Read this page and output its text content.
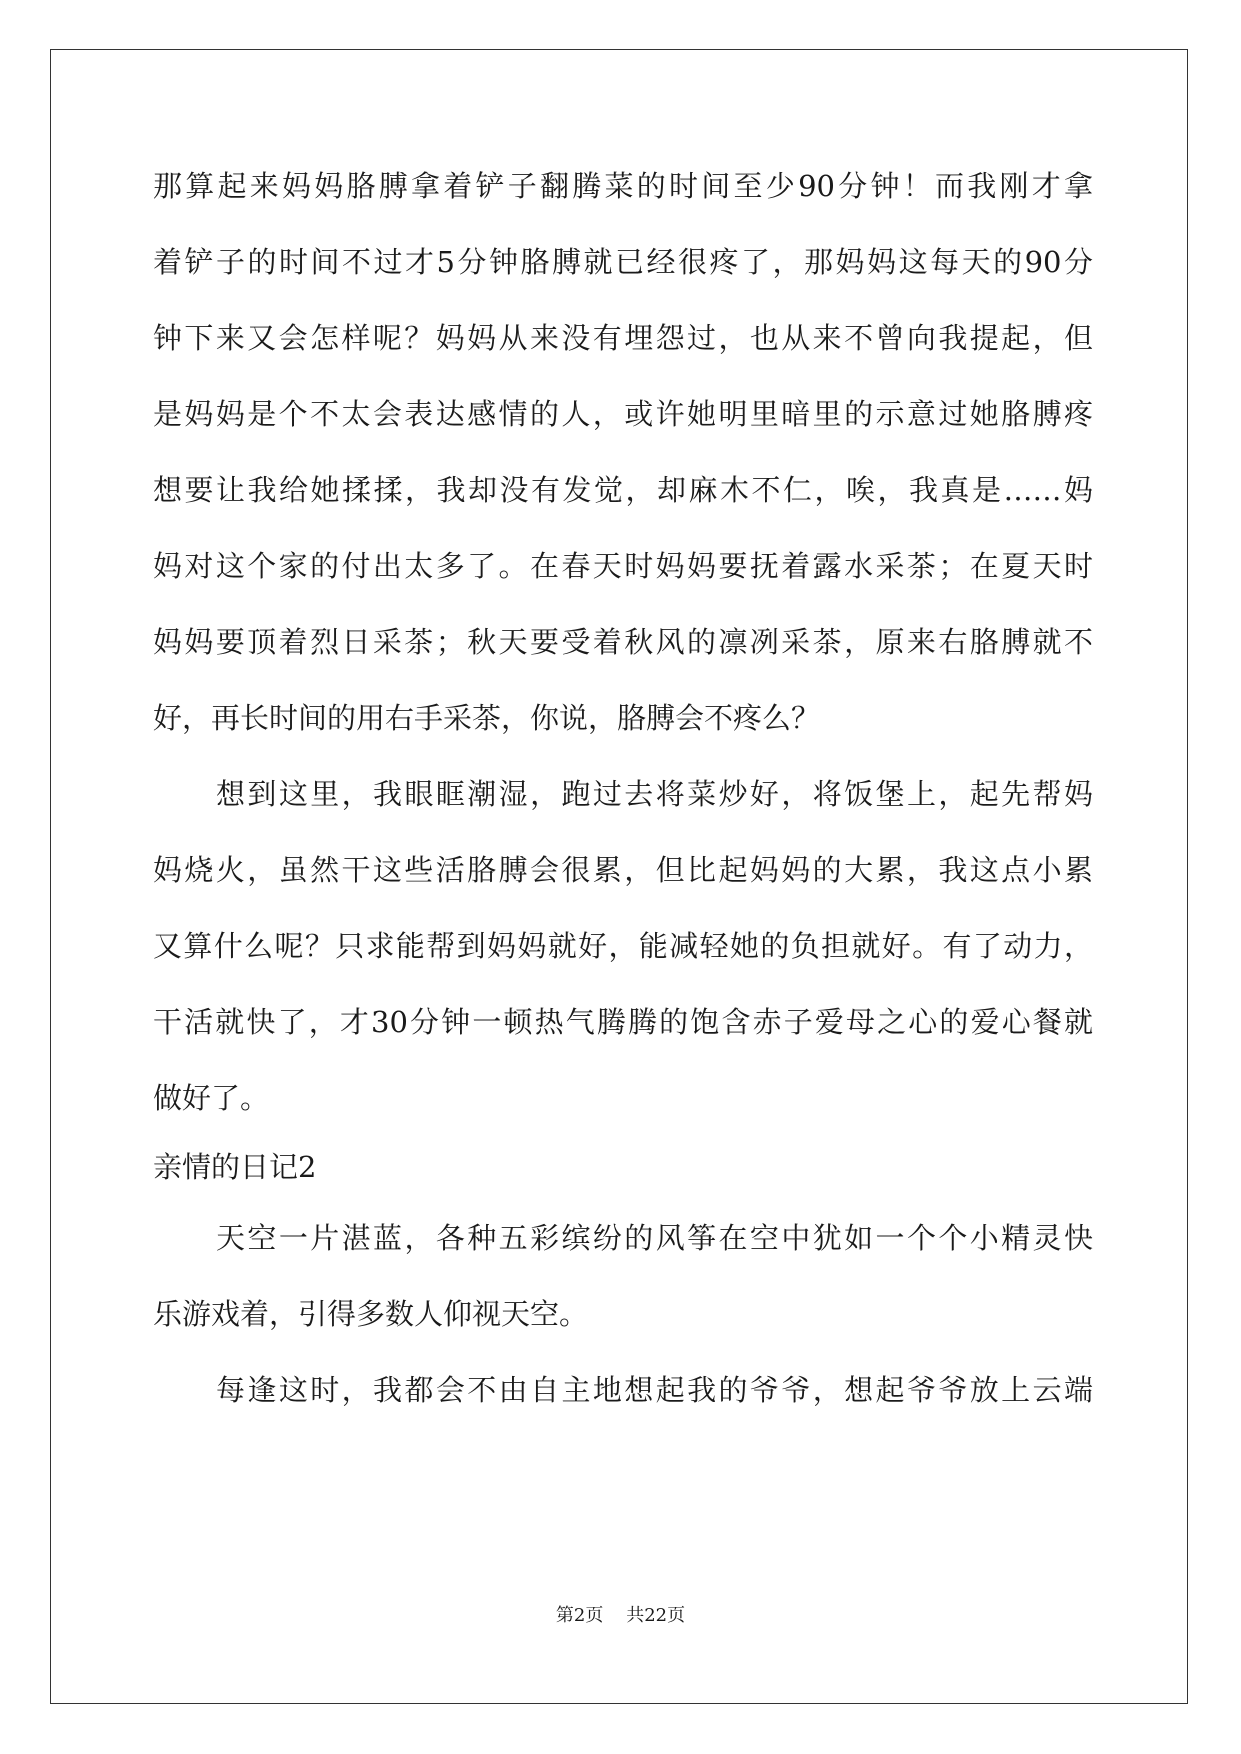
那算起来妈妈胳膊拿着铲子翻腾菜的时间至少90分钟！而我刚才拿
着铲子的时间不过才5分钟胳膊就已经很疼了，那妈妈这每天的90分
钟下来又会怎样呢？妈妈从来没有埋怨过，也从来不曾向我提起，但
是妈妈是个不太会表达感情的人，或许她明里暗里的示意过她胳膊疼
想要让我给她揉揉，我却没有发觉，却麻木不仁，唉，我真是……妈
妈对这个家的付出太多了。在春天时妈妈要抚着露水采茶；在夏天时
妈妈要顶着烈日采茶；秋天要受着秋风的凛冽采茶，原来右胳膊就不
好，再长时间的用右手采茶，你说，胳膊会不疼么？
想到这里，我眼眶潮湿，跑过去将菜炒好，将饭堡上，起先帮妈
妈烧火，虽然干这些活胳膊会很累，但比起妈妈的大累，我这点小累
又算什么呢？只求能帮到妈妈就好，能减轻她的负担就好。有了动力，
干活就快了，才30分钟一顿热气腾腾的饱含赤子爱母之心的爱心餐就
做好了。
亲情的日记2
天空一片湛蓝，各种五彩缤纷的风筝在空中犹如一个个小精灵快
乐游戏着，引得多数人仰视天空。
每逢这时，我都会不由自主地想起我的爷爷，想起爷爷放上云端
第2页 共22页
